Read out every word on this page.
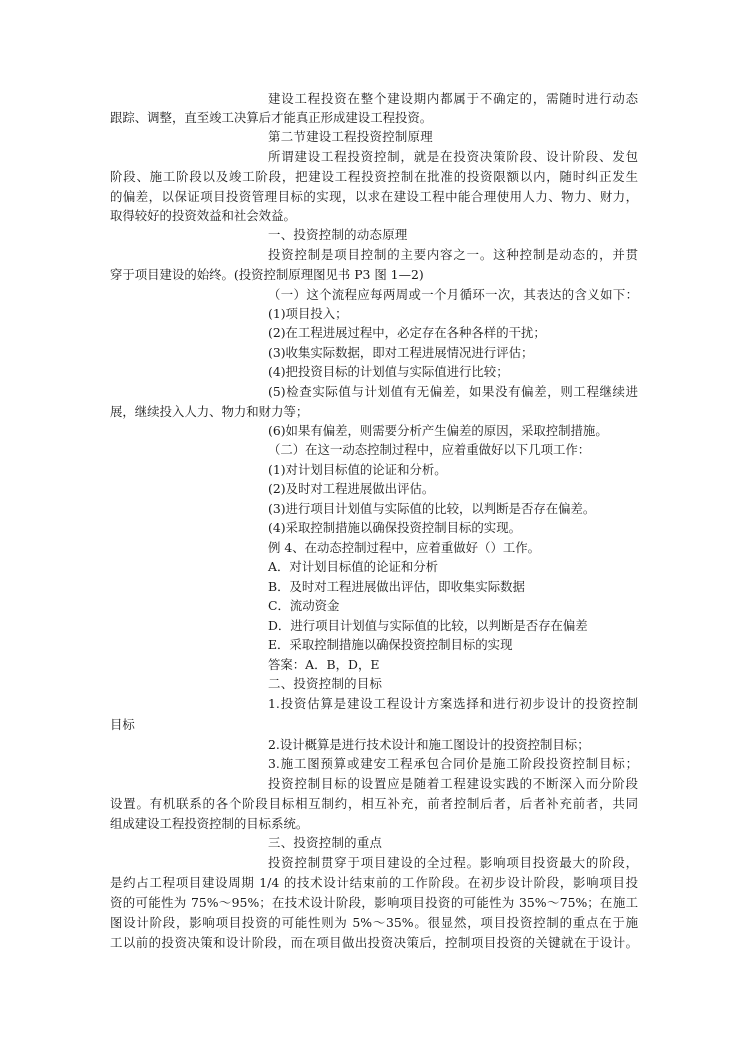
建设工程投资在整个建设期内都属于不确定的，需随时进行动态
跟踪、调整，直至竣工决算后才能真正形成建设工程投资。
第二节建设工程投资控制原理
所谓建设工程投资控制，就是在投资决策阶段、设计阶段、发包
阶段、施工阶段以及竣工阶段，把建设工程投资控制在批准的投资限额以内，随时纠正发生
的偏差，以保证项目投资管理目标的实现，以求在建设工程中能合理使用人力、物力、财力，
取得较好的投资效益和社会效益。
一、投资控制的动态原理
投资控制是项目控制的主要内容之一。这种控制是动态的，并贯
穿于项目建设的始终。(投资控制原理图见书 P3 图 1—2)
（一）这个流程应每两周或一个月循环一次，其表达的含义如下：
(1)项目投入；
(2)在工程进展过程中，必定存在各种各样的干扰；
(3)收集实际数据，即对工程进展情况进行评估；
(4)把投资目标的计划值与实际值进行比较；
(5)检查实际值与计划值有无偏差，如果没有偏差，则工程继续进
展，继续投入人力、物力和财力等；
(6)如果有偏差，则需要分析产生偏差的原因，采取控制措施。
（二）在这一动态控制过程中，应着重做好以下几项工作：
(1)对计划目标值的论证和分析。
(2)及时对工程进展做出评估。
(3)进行项目计划值与实际值的比较，以判断是否存在偏差。
(4)采取控制措施以确保投资控制目标的实现。
例 4、在动态控制过程中，应着重做好（）工作。
A．对计划目标值的论证和分析
B．及时对工程进展做出评估，即收集实际数据
C．流动资金
D．进行项目计划值与实际值的比较，以判断是否存在偏差
E．采取控制措施以确保投资控制目标的实现
答案：A．B，D，E
二、投资控制的目标
1.投资估算是建设工程设计方案选择和进行初步设计的投资控制
目标
2.设计概算是进行技术设计和施工图设计的投资控制目标；
3.施工图预算或建安工程承包合同价是施工阶段投资控制目标；
投资控制目标的设置应是随着工程建设实践的不断深入而分阶段
设置。有机联系的各个阶段目标相互制约，相互补充，前者控制后者，后者补充前者，共同
组成建设工程投资控制的目标系统。
三、投资控制的重点
投资控制贯穿于项目建设的全过程。影响项目投资最大的阶段，
是约占工程项目建设周期 1/4 的技术设计结束前的工作阶段。在初步设计阶段，影响项目投
资的可能性为 75%～95%；在技术设计阶段，影响项目投资的可能性为 35%～75%；在施工
图设计阶段，影响项目投资的可能性则为 5%～35%。很显然，项目投资控制的重点在于施
工以前的投资决策和设计阶段，而在项目做出投资决策后，控制项目投资的关键就在于设计。
